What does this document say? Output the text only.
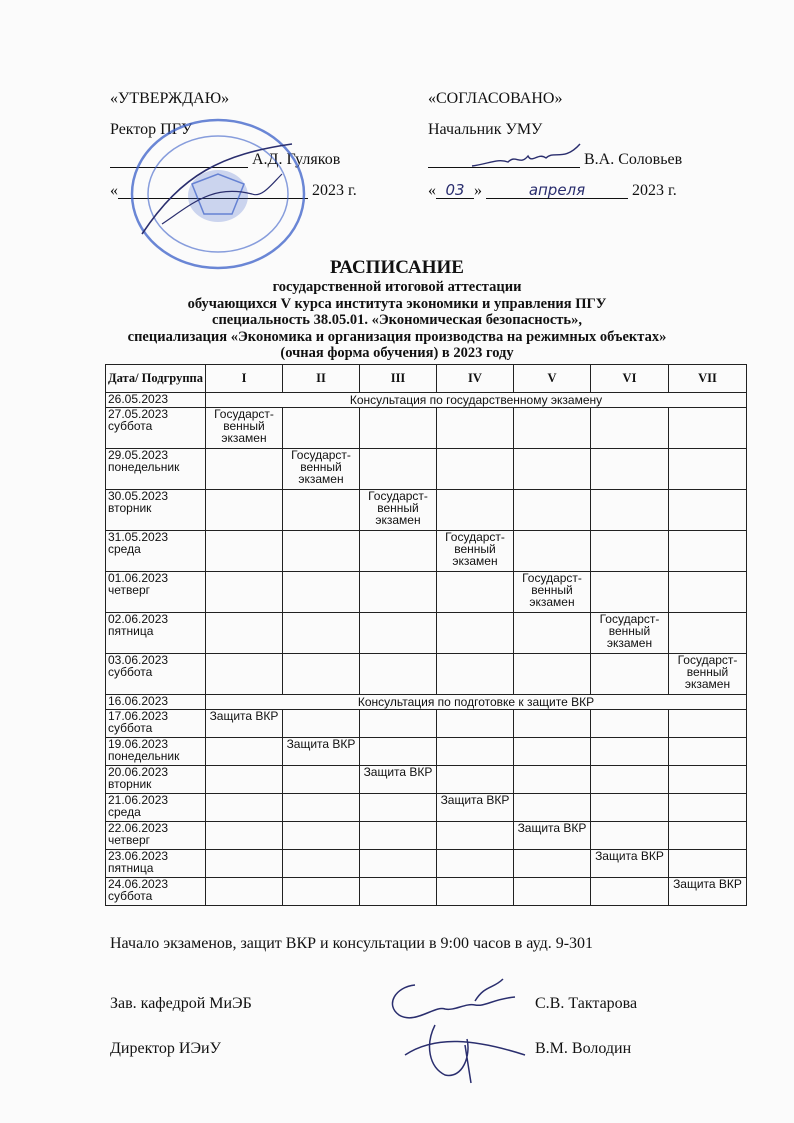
«УТВЕРЖДАЮ»
Ректор ПГУ
А.Д. Гуляков
«	2023 г.
«СОГЛАСОВАНО»
Начальник УМУ
В.А. Соловьев
« 03 »	апреля	2023 г.
РАСПИСАНИЕ
государственной итоговой аттестации
обучающихся V курса института экономики и управления ПГУ
специальность 38.05.01. «Экономическая безопасность»,
специализация «Экономика и организация производства на режимных объектах»
(очная форма обучения) в 2023 году
Дата/ Подгруппа	I	II	III	IV	V	VI	VII

26.05.2023	Консультация по государственному экзамену						

27.05.2023
суббота	Государст-венный экзамен						

29.05.2023
понедельник		Государст-венный экзамен					

30.05.2023
вторник			Государст-венный экзамен				

31.05.2023
среда				Государст-венный экзамен			

01.06.2023
четверг					Государст-венный экзамен		

02.06.2023
пятница						Государст-венный экзамен	

03.06.2023
суббота							Государст-венный экзамен

16.06.2023	Консультация по подготовке к защите ВКР						

17.06.2023
суббота	Защита ВКР						

19.06.2023
понедельник		Защита ВКР					

20.06.2023
вторник			Защита ВКР				

21.06.2023
среда				Защита ВКР			

22.06.2023
четверг					Защита ВКР		

23.06.2023
пятница						Защита ВКР	

24.06.2023
суббота							Защита ВКР
Начало экзаменов, защит ВКР и консультации в 9:00 часов в ауд. 9-301
Зав. кафедрой МиЭБ	С.В. Тактарова
Директор ИЭиУ	В.М. Володин
